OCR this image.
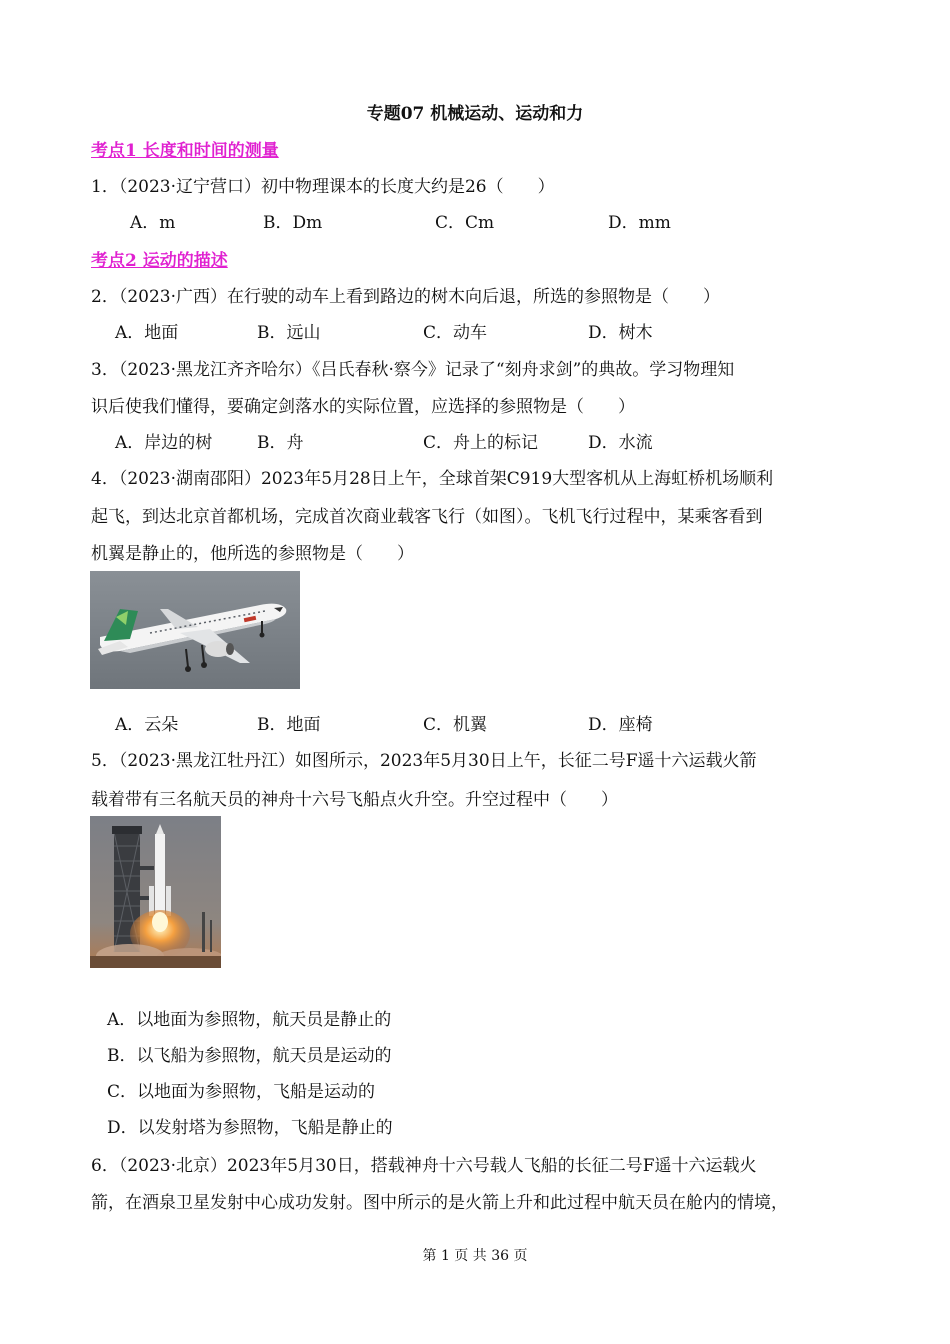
专题07 机械运动、运动和力
考点1 长度和时间的测量
1．（2023·辽宁营口）初中物理课本的长度大约是26（　　）
A．m	B．Dm	C．Cm	D．mm
考点2 运动的描述
2．（2023·广西）在行驶的动车上看到路边的树木向后退，所选的参照物是（　　）
A．地面	B．远山	C．动车	D．树木
3．（2023·黑龙江齐齐哈尔）《吕氏春秋·察今》记录了“刻舟求剑”的典故。学习物理知
识后使我们懂得，要确定剑落水的实际位置，应选择的参照物是（　　）
A．岸边的树	B．舟	C．舟上的标记	D．水流
4．（2023·湖南邵阳）2023年5月28日上午，全球首架C919大型客机从上海虹桥机场顺利
起飞，到达北京首都机场，完成首次商业载客飞行（如图）。飞机飞行过程中，某乘客看到
机翼是静止的，他所选的参照物是（　　）
A．云朵	B．地面	C．机翼	D．座椅
5．（2023·黑龙江牡丹江）如图所示，2023年5月30日上午，长征二号F遥十六运载火箭
载着带有三名航天员的神舟十六号飞船点火升空。升空过程中（　　）
A．以地面为参照物，航天员是静止的
B．以飞船为参照物，航天员是运动的
C．以地面为参照物，飞船是运动的
D．以发射塔为参照物，飞船是静止的
6．（2023·北京）2023年5月30日，搭载神舟十六号载人飞船的长征二号F遥十六运载火
箭，在酒泉卫星发射中心成功发射。图中所示的是火箭上升和此过程中航天员在舱内的情境，
第 1 页 共 36 页
